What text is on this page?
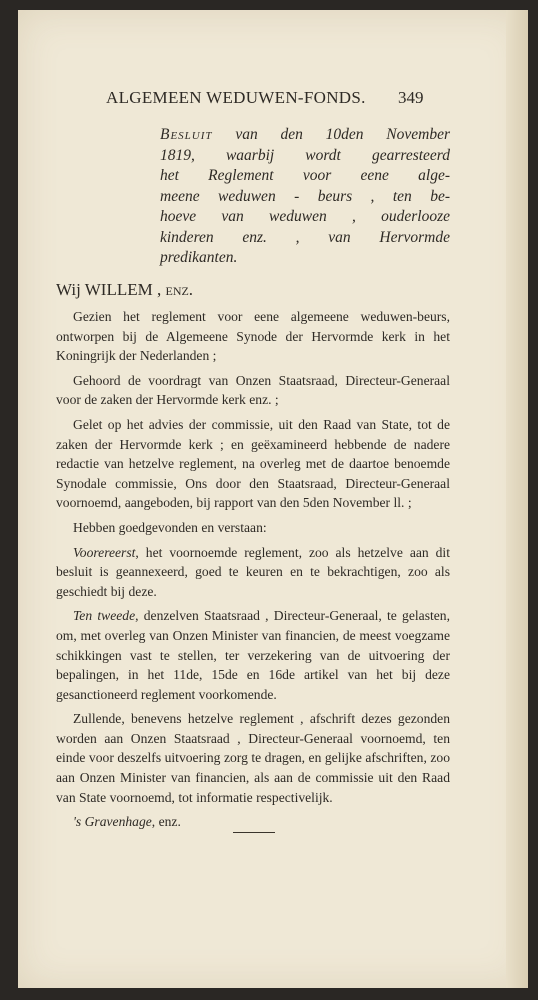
ALGEMEEN WEDUWEN-FONDS.	349
Besluit van den 10den November
1819, waarbij wordt gearresteerd
het Reglement voor eene alge-
meene weduwen - beurs , ten be-
hoeve van weduwen , ouderlooze
kinderen enz. , van Hervormde
predikanten.
Wij WILLEM , enz.

Gezien het reglement voor eene algemeene weduwen-beurs, ontworpen bij de Algemeene Synode der Hervormde kerk in het Koningrijk der Nederlanden ;

Gehoord de voordragt van Onzen Staatsraad, Directeur-Generaal voor de zaken der Hervormde kerk enz. ;

Gelet op het advies der commissie, uit den Raad van State, tot de zaken der Hervormde kerk ; en geëxamineerd hebbende de nadere redactie van hetzelve reglement, na overleg met de daartoe benoemde Synodale commissie, Ons door den Staatsraad, Directeur-Generaal voornoemd, aangeboden, bij rapport van den 5den November ll. ;

Hebben goedgevonden en verstaan:

Voorereerst, het voornoemde reglement, zoo als hetzelve aan dit besluit is geannexeerd, goed te keuren en te bekrachtigen, zoo als geschiedt bij deze.

Ten tweede, denzelven Staatsraad , Directeur-Generaal, te gelasten, om, met overleg van Onzen Minister van financien, de meest voegzame schikkingen vast te stellen, ter verzekering van de uitvoering der bepalingen, in het 11de, 15de en 16de artikel van het bij deze gesanctioneerd reglement voorkomende.

Zullende, benevens hetzelve reglement , afschrift dezes gezonden worden aan Onzen Staatsraad , Directeur-Generaal voornoemd, ten einde voor deszelfs uitvoering zorg te dragen, en gelijke afschriften, zoo aan Onzen Minister van financien, als aan de commissie uit den Raad van State voornoemd, tot informatie respectivelijk.

's Gravenhage, enz.
